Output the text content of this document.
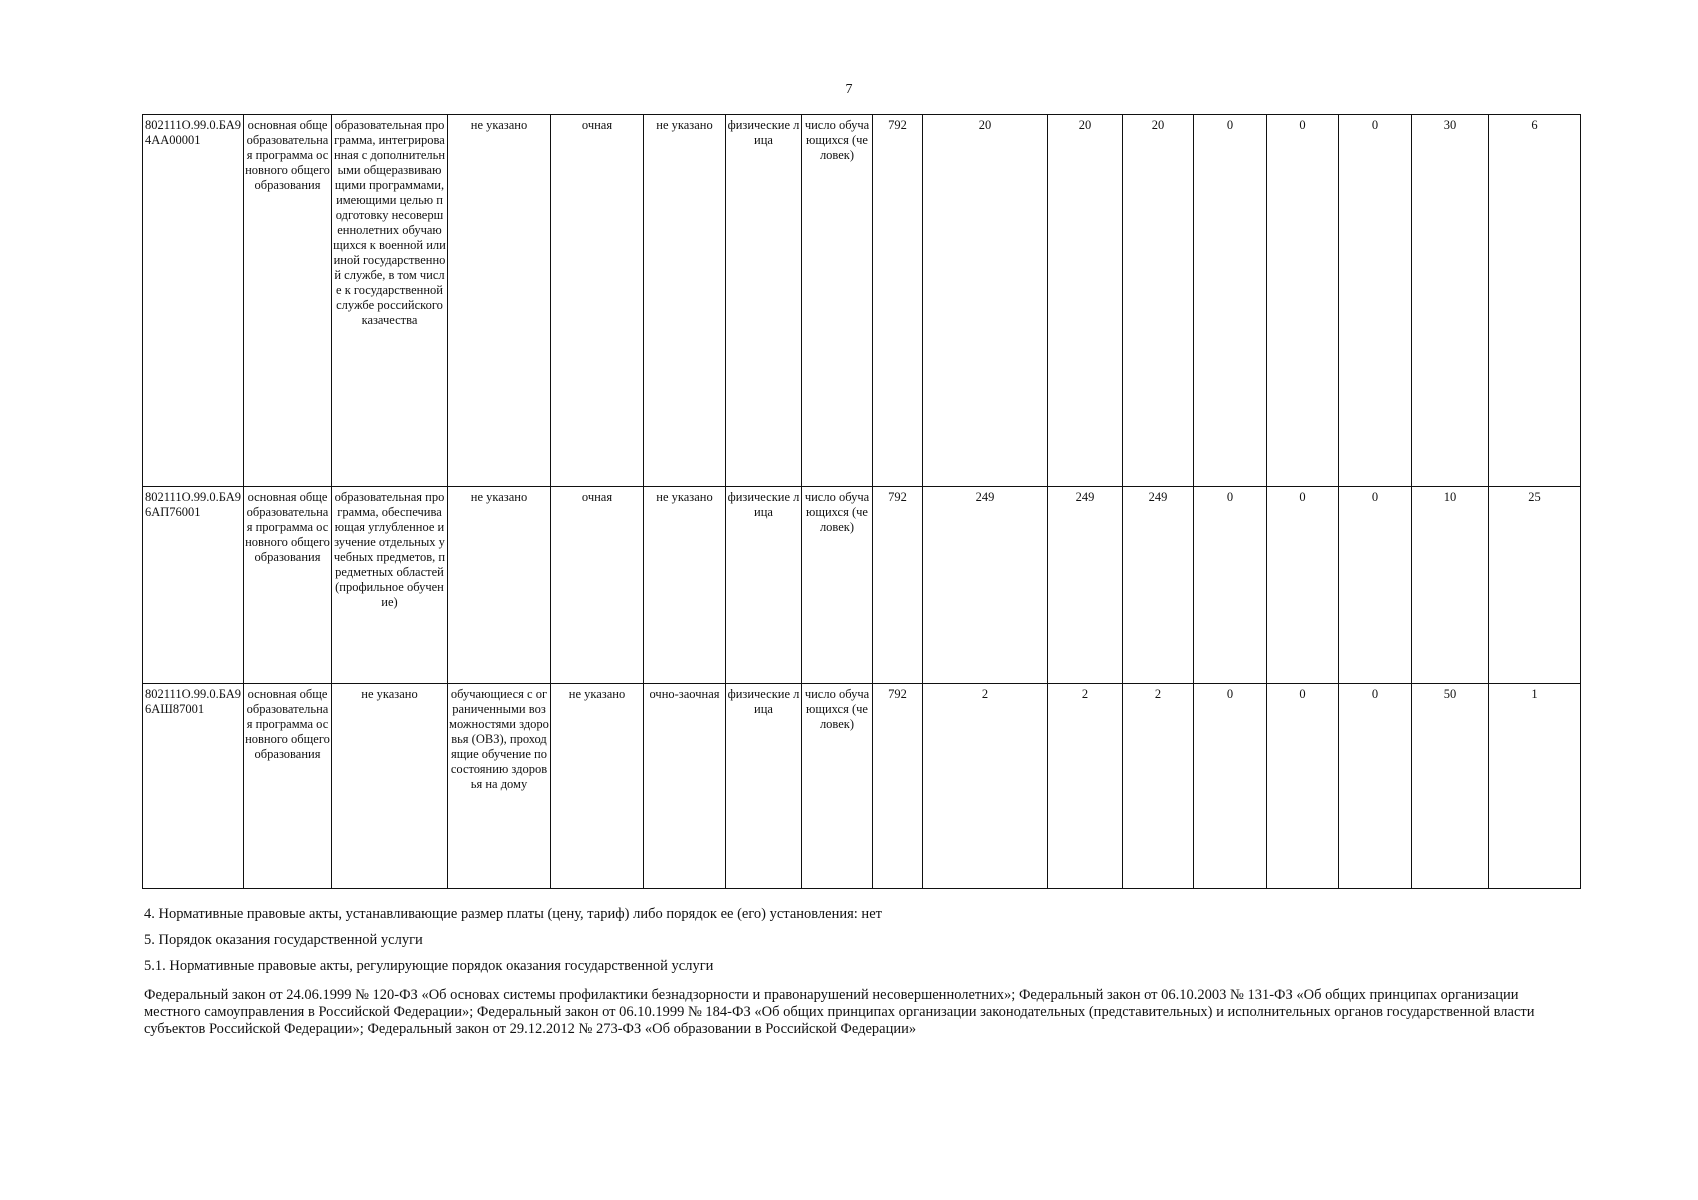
7
802111О.99.0.БА94АА00001	основная общеобразовательная программа основного общего образования	образовательная программа, интегрированная с дополнительными общеразвивающими программами, имеющими целью подготовку несовершеннолетних обучающихся к военной или иной государственной службе, в том числе к государственной службе российского казачества	не указано	очная	не указано	физические лица	число обучающихся (человек)	792	20	20	20	0	0	0	30	6
802111О.99.0.БА96АП76001	основная общеобразовательная программа основного общего образования	образовательная программа, обеспечивающая углубленное изучение отдельных учебных предметов, предметных областей (профильное обучение)	не указано	очная	не указано	физические лица	число обучающихся (человек)	792	249	249	249	0	0	0	10	25
802111О.99.0.БА96АШ87001	основная общеобразовательная программа основного общего образования	не указано	обучающиеся с ограниченными возможностями здоровья (ОВЗ), проходящие обучение по состоянию здоровья на дому	не указано	очно-заочная	физические лица	число обучающихся (человек)	792	2	2	2	0	0	0	50	1

4. Нормативные правовые акты, устанавливающие размер платы (цену, тариф) либо порядок ее (его) установления: нет

5. Порядок оказания государственной услуги

5.1. Нормативные правовые акты, регулирующие порядок оказания государственной услуги

Федеральный закон от 24.06.1999 № 120-ФЗ «Об основах системы профилактики безнадзорности и правонарушений несовершеннолетних»; Федеральный закон от 06.10.2003 № 131-ФЗ «Об общих принципах организации местного самоуправления в Российской Федерации»; Федеральный закон от 06.10.1999 № 184-ФЗ «Об общих принципах организации законодательных (представительных) и исполнительных органов государственной власти субъектов Российской Федерации»; Федеральный закон от 29.12.2012 № 273-ФЗ «Об образовании в Российской Федерации»
